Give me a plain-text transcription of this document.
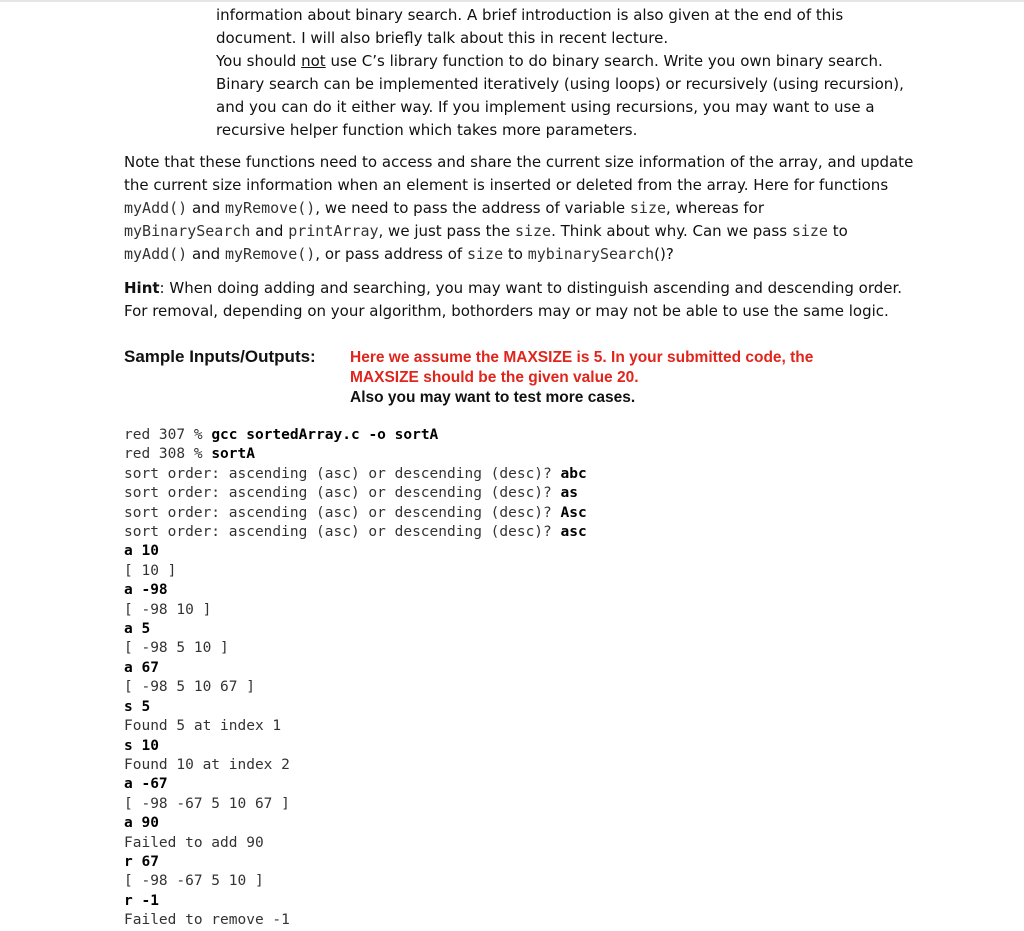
information about binary search. A brief introduction is also given at the end of this
document. I will also briefly talk about this in recent lecture.
You should not use C’s library function to do binary search. Write you own binary search.
Binary search can be implemented iteratively (using loops) or recursively (using recursion),
and you can do it either way. If you implement using recursions, you may want to use a
recursive helper function which takes more parameters.
Note that these functions need to access and share the current size information of the array, and update
the current size information when an element is inserted or deleted from the array. Here for functions
myAdd() and myRemove(), we need to pass the address of variable size, whereas for
myBinarySearch and printArray, we just pass the size. Think about why. Can we pass size to
myAdd() and myRemove(), or pass address of size to mybinarySearch()?
Hint: When doing adding and searching, you may want to distinguish ascending and descending order.
For removal, depending on your algorithm, bothorders may or may not be able to use the same logic.
Sample Inputs/Outputs: Here we assume the MAXSIZE is 5. In your submitted code, the
MAXSIZE should be the given value 20.
Also you may want to test more cases.
red 307 % gcc sortedArray.c -o sortA
red 308 % sortA
sort order: ascending (asc) or descending (desc)? abc
sort order: ascending (asc) or descending (desc)? as
sort order: ascending (asc) or descending (desc)? Asc
sort order: ascending (asc) or descending (desc)? asc
a 10
[ 10 ]
a -98
[ -98 10 ]
a 5
[ -98 5 10 ]
a 67
[ -98 5 10 67 ]
s 5
Found 5 at index 1
s 10
Found 10 at index 2
a -67
[ -98 -67 5 10 67 ]
a 90
Failed to add 90
r 67
[ -98 -67 5 10 ]
r -1
Failed to remove -1
